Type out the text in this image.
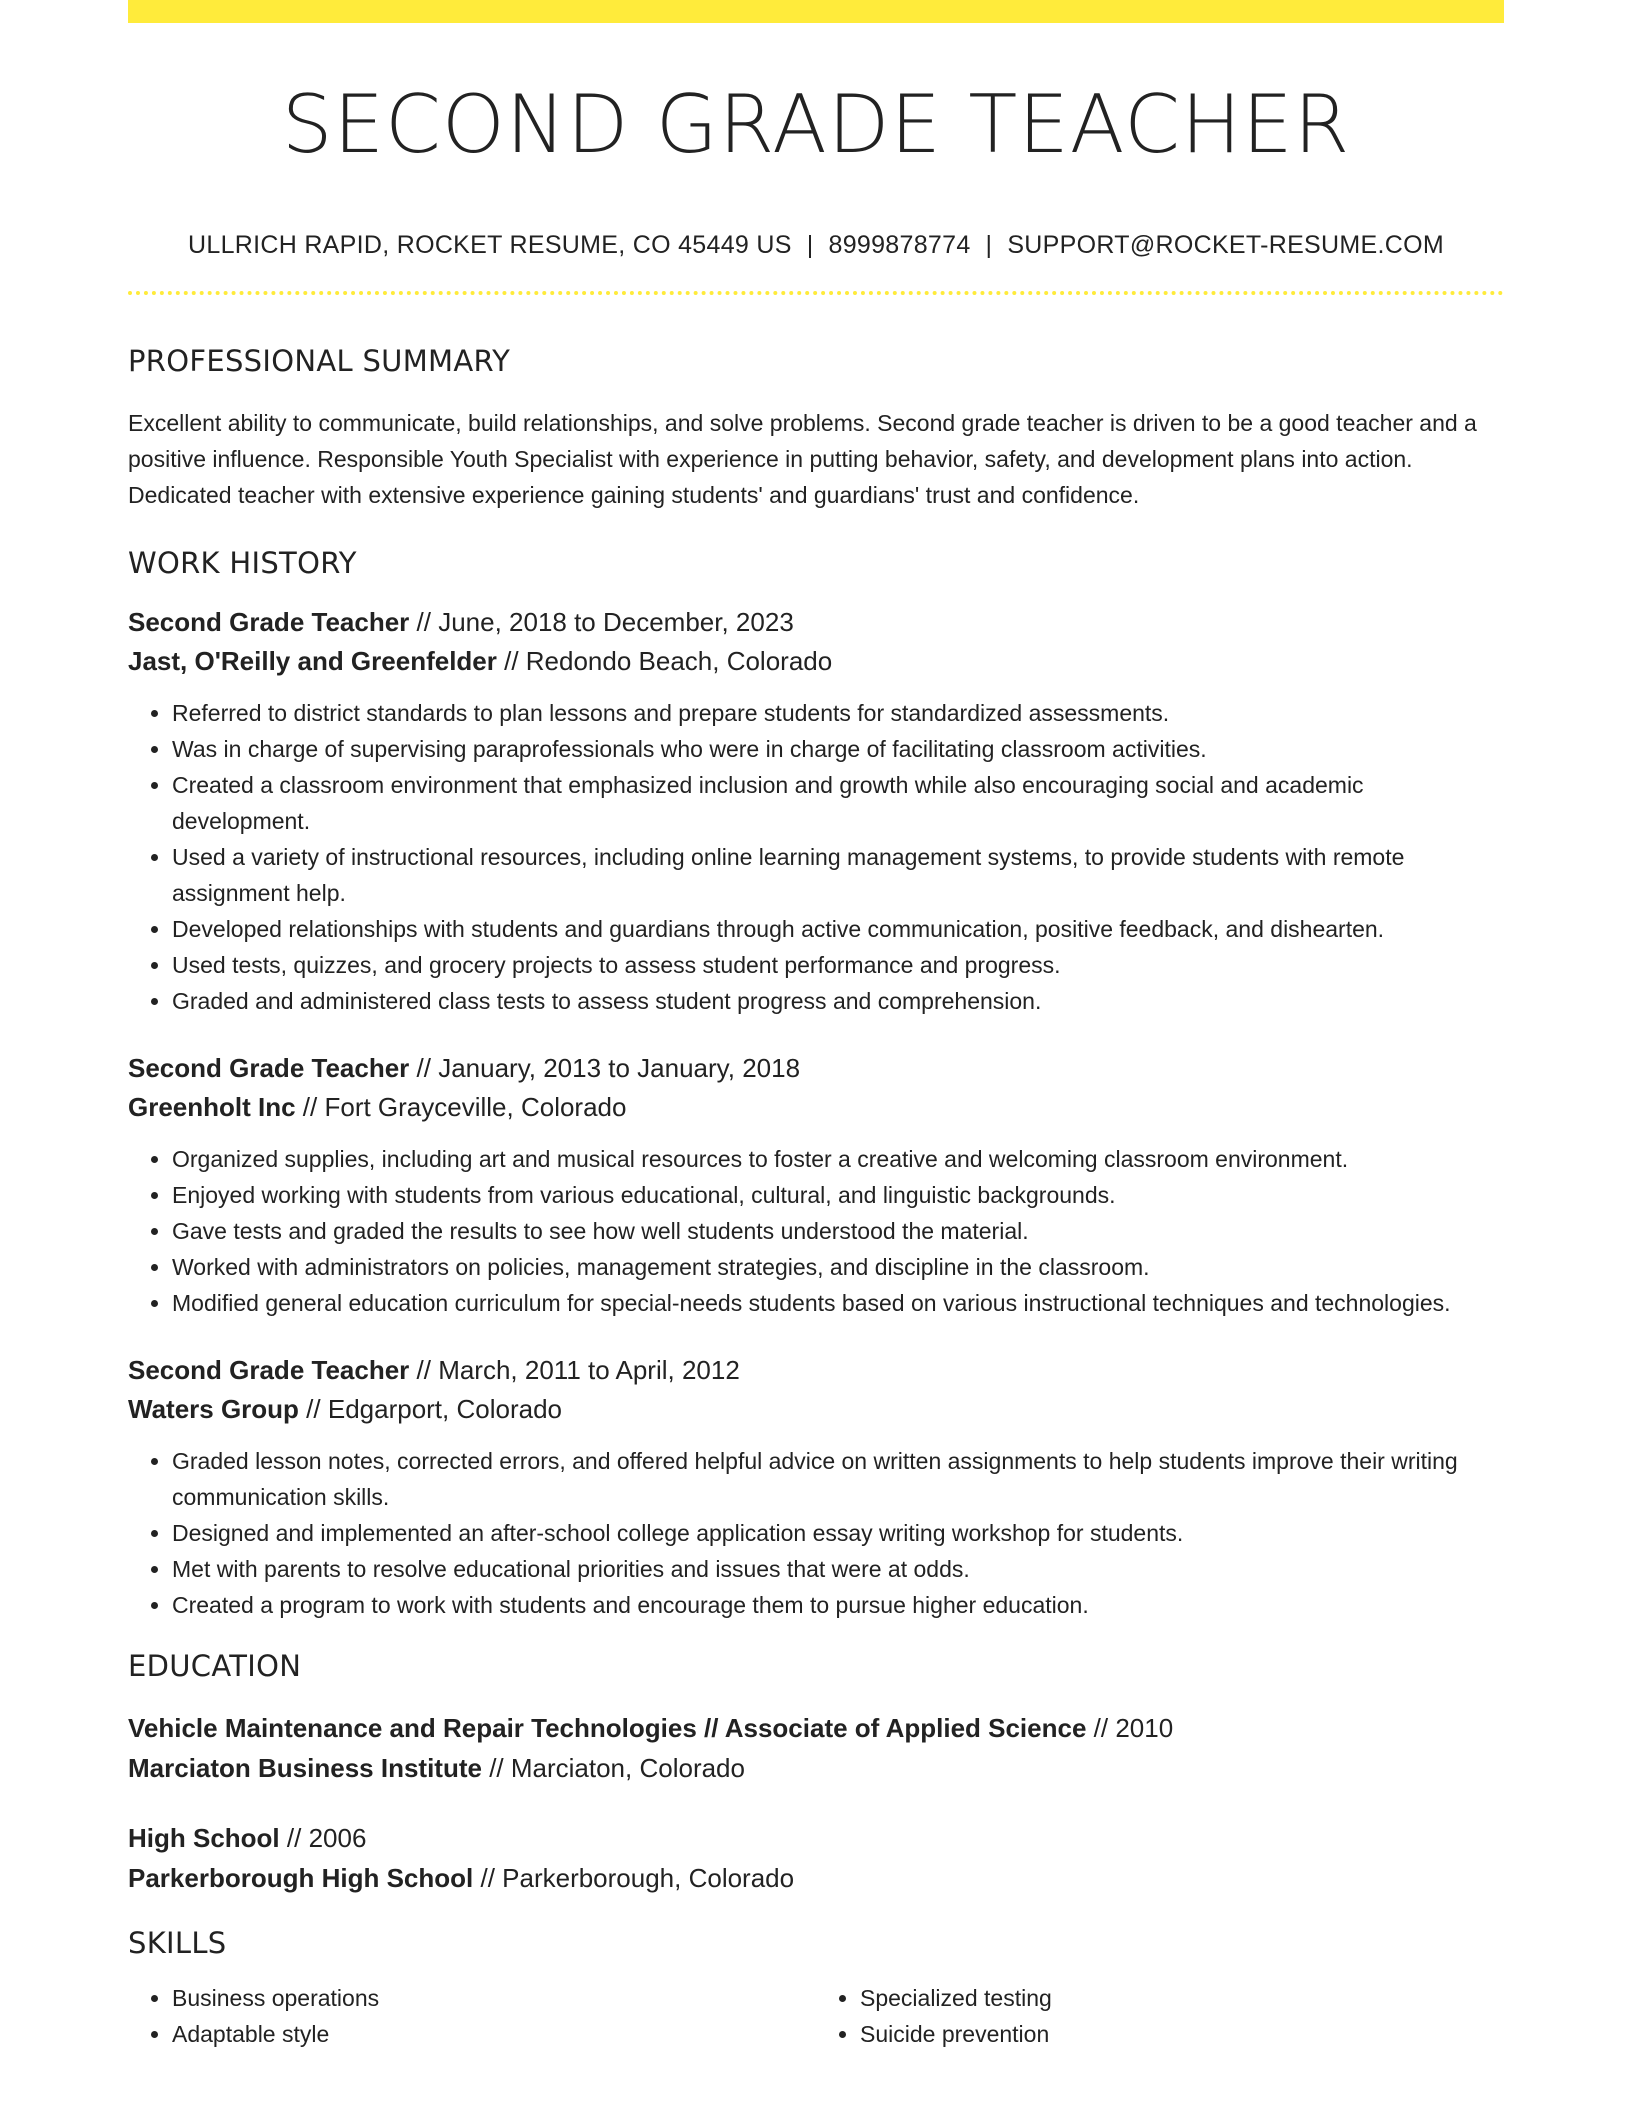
SECOND GRADE TEACHER
ULLRICH RAPID, ROCKET RESUME, CO 45449 US | 8999878774 | SUPPORT@ROCKET-RESUME.COM
PROFESSIONAL SUMMARY
Excellent ability to communicate, build relationships, and solve problems. Second grade teacher is driven to be a good teacher and a positive influence. Responsible Youth Specialist with experience in putting behavior, safety, and development plans into action. Dedicated teacher with extensive experience gaining students' and guardians' trust and confidence.
WORK HISTORY
Second Grade Teacher // June, 2018 to December, 2023
Jast, O'Reilly and Greenfelder // Redondo Beach, Colorado
• Referred to district standards to plan lessons and prepare students for standardized assessments.
• Was in charge of supervising paraprofessionals who were in charge of facilitating classroom activities.
• Created a classroom environment that emphasized inclusion and growth while also encouraging social and academic development.
• Used a variety of instructional resources, including online learning management systems, to provide students with remote assignment help.
• Developed relationships with students and guardians through active communication, positive feedback, and dishearten.
• Used tests, quizzes, and grocery projects to assess student performance and progress.
• Graded and administered class tests to assess student progress and comprehension.
Second Grade Teacher // January, 2013 to January, 2018
Greenholt Inc // Fort Grayceville, Colorado
• Organized supplies, including art and musical resources to foster a creative and welcoming classroom environment.
• Enjoyed working with students from various educational, cultural, and linguistic backgrounds.
• Gave tests and graded the results to see how well students understood the material.
• Worked with administrators on policies, management strategies, and discipline in the classroom.
• Modified general education curriculum for special-needs students based on various instructional techniques and technologies.
Second Grade Teacher // March, 2011 to April, 2012
Waters Group // Edgarport, Colorado
• Graded lesson notes, corrected errors, and offered helpful advice on written assignments to help students improve their writing communication skills.
• Designed and implemented an after-school college application essay writing workshop for students.
• Met with parents to resolve educational priorities and issues that were at odds.
• Created a program to work with students and encourage them to pursue higher education.
EDUCATION
Vehicle Maintenance and Repair Technologies // Associate of Applied Science // 2010
Marciaton Business Institute // Marciaton, Colorado
High School // 2006
Parkerborough High School // Parkerborough, Colorado
SKILLS
• Business operations
• Adaptable style
• Specialized testing
• Suicide prevention
